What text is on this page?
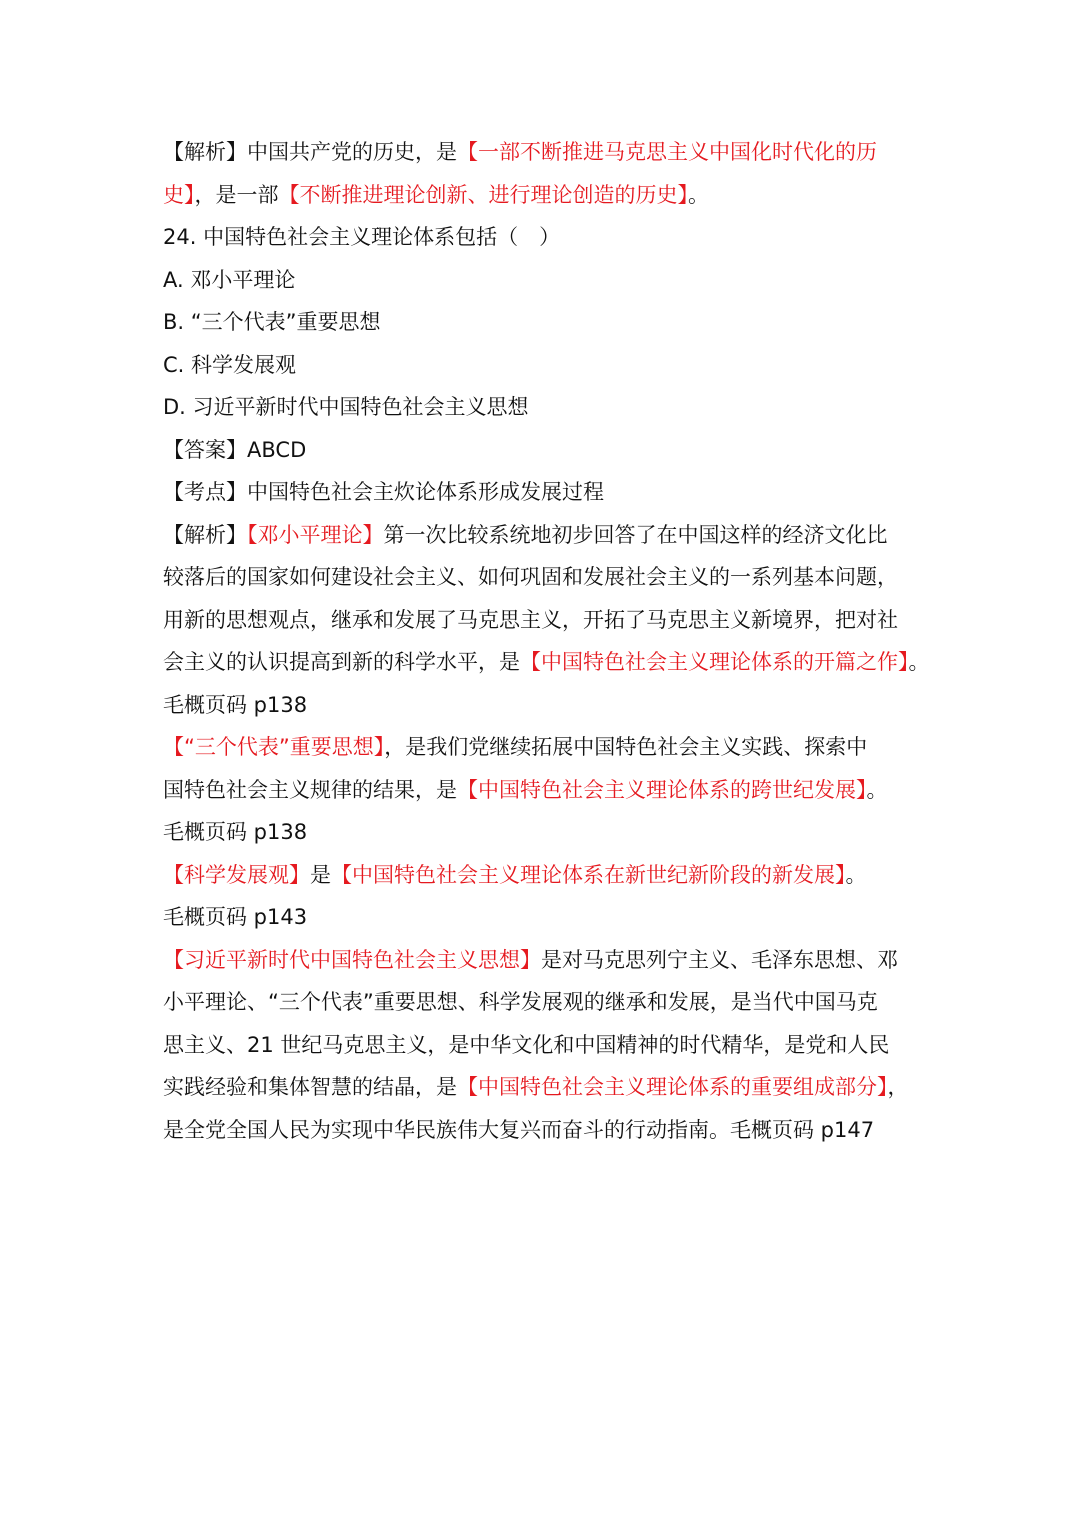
【解析】中国共产党的历史，是【一部不断推进马克思主义中国化时代化的历
史】，是一部【不断推进理论创新、进行理论创造的历史】。
24. 中国特色社会主义理论体系包括（　）
A. 邓小平理论
B. “三个代表”重要思想
C. 科学发展观
D. 习近平新时代中国特色社会主义思想
【答案】ABCD
【考点】中国特色社会主炊论体系形成发展过程
【解析】【邓小平理论】第一次比较系统地初步回答了在中国这样的经济文化比
较落后的国家如何建设社会主义、如何巩固和发展社会主义的一系列基本问题，
用新的思想观点，继承和发展了马克思主义，开拓了马克思主义新境界，把对社
会主义的认识提高到新的科学水平，是【中国特色社会主义理论体系的开篇之作】。
毛概页码 p138
【“三个代表”重要思想】，是我们党继续拓展中国特色社会主义实践、探索中
国特色社会主义规律的结果，是【中国特色社会主义理论体系的跨世纪发展】。
毛概页码 p138
【科学发展观】是【中国特色社会主义理论体系在新世纪新阶段的新发展】。
毛概页码 p143
【习近平新时代中国特色社会主义思想】是对马克思列宁主义、毛泽东思想、邓
小平理论、“三个代表”重要思想、科学发展观的继承和发展，是当代中国马克
思主义、21 世纪马克思主义，是中华文化和中国精神的时代精华，是党和人民
实践经验和集体智慧的结晶，是【中国特色社会主义理论体系的重要组成部分】，
是全党全国人民为实现中华民族伟大复兴而奋斗的行动指南。毛概页码 p147
